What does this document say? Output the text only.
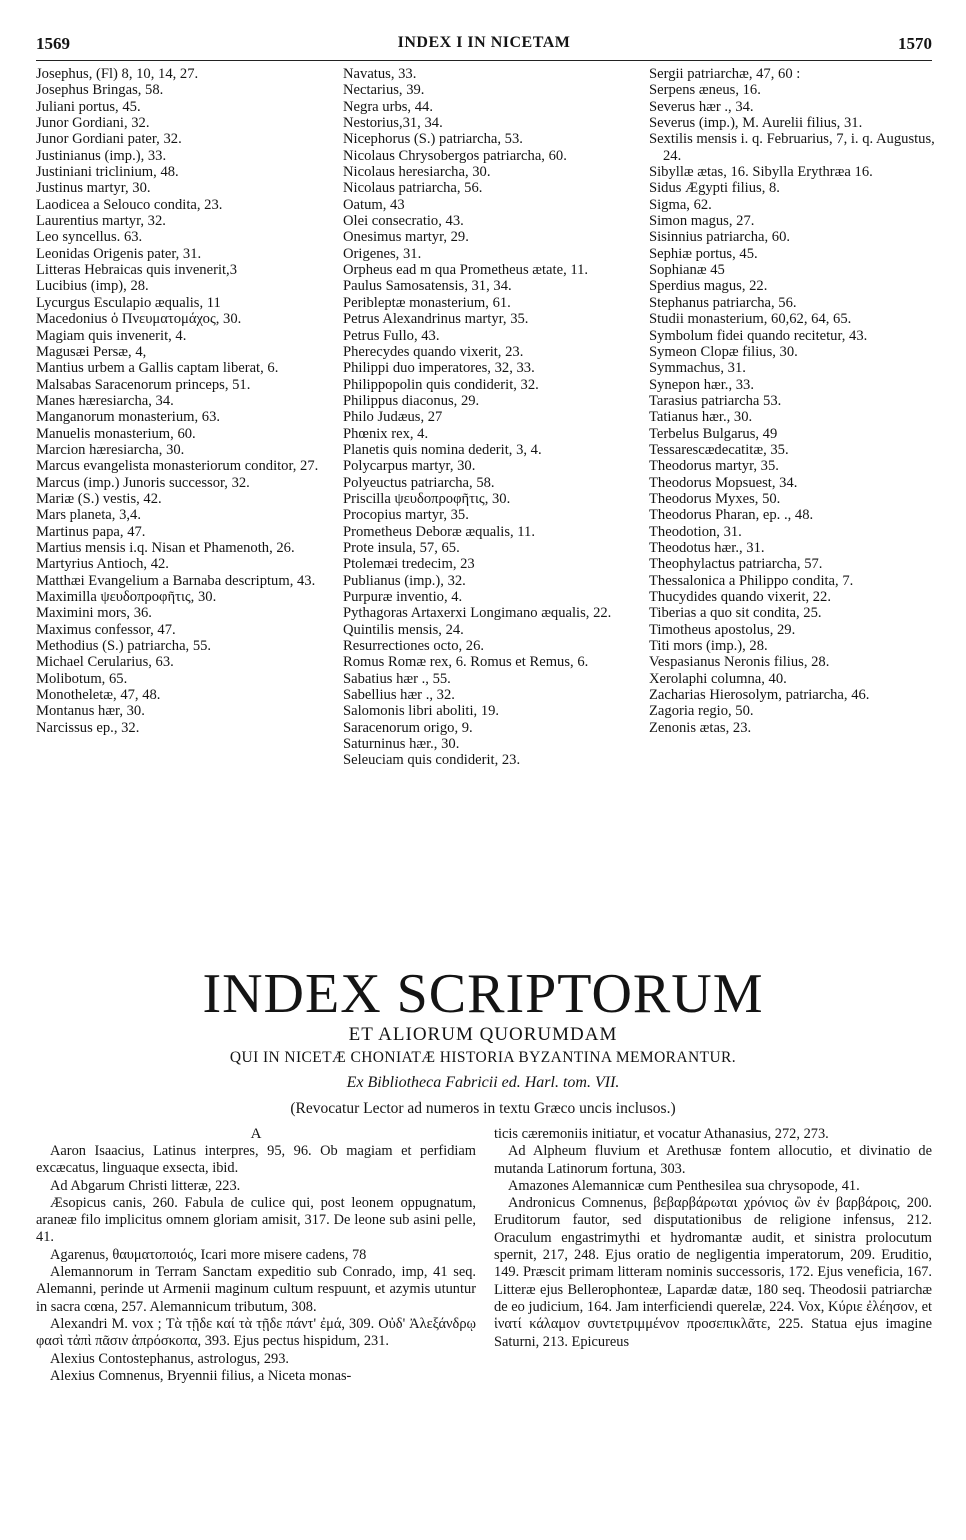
1569	INDEX I IN NICETAM	1570
Josephus, (Fl) 8, 10, 14, 27.
Josephus Bringas, 58.
Juliani portus, 45.
Junor Gordiani, 32.
Junor Gordiani pater, 32.
Justinianus (imp.), 33.
Justiniani triclinium, 48.
Justinus martyr, 30.
Laodicea a Selouco condita, 23.
Laurentius martyr, 32.
Leo syncellus. 63.
Leonidas Origenis pater, 31.
Litteras Hebraicas quis invenerit,3
Lucibius (imp), 28.
Lycurgus Esculapio æqualis, 11
Macedonius ὁ Πνευματομάχος, 30.
Magiam quis invenerit, 4.
Magusæi Persæ, 4,
Mantius urbem a Gallis captam liberat, 6.
Malsabas Saracenorum princeps, 51.
Manes hæresiarcha, 34.
Manganorum monasterium, 63.
Manuelis monasterium, 60.
Marcion hæresiarcha, 30.
Marcus evangelista monasteriorum conditor, 27.
Marcus (imp.) Junoris successor, 32.
Mariæ (S.) vestis, 42.
Mars planeta, 3,4.
Martinus papa, 47.
Martius mensis i.q. Nisan et Phamenoth, 26.
Martyrius Antioch, 42.
Matthæi Evangelium a Barnaba descriptum, 43.
Maximilla ψευδοπροφῆτις, 30.
Maximini mors, 36.
Maximus confessor, 47.
Methodius (S.) patriarcha, 55.
Michael Cerularius, 63.
Molibotum, 65.
Monotheletæ, 47, 48.
Montanus hær, 30.
Narcissus ep., 32.
Navatus, 33.
Nectarius, 39.
Negra urbs, 44.
Nestorius,31, 34.
Nicephorus (S.) patriarcha, 53.
Nicolaus Chrysobergos patriarcha, 60.
Nicolaus heresiarcha, 30.
Nicolaus patriarcha, 56.
Oatum, 43
Olei consecratio, 43.
Onesimus martyr, 29.
Origenes, 31.
Orpheus ead m qua Prometheus ætate, 11.
Paulus Samosatensis, 31, 34.
Peribleptæ monasterium, 61.
Petrus Alexandrinus martyr, 35.
Petrus Fullo, 43.
Pherecydes quando vixerit, 23.
Philippi duo imperatores, 32, 33.
Philippopolin quis condiderit, 32.
Philippus diaconus, 29.
Philo Judæus, 27
Phœnix rex, 4.
Planetis quis nomina dederit, 3, 4.
Polycarpus martyr, 30.
Polyeuctus patriarcha, 58.
Priscilla ψευδοπροφῆτις, 30.
Procopius martyr, 35.
Prometheus Deboræ æqualis, 11.
Prote insula, 57, 65.
Ptolemæi tredecim, 23
Publianus (imp.), 32.
Purpuræ inventio, 4.
Pythagoras Artaxerxi Longimano æqualis, 22.
Quintilis mensis, 24.
Resurrectiones octo, 26.
Romus Romæ rex, 6. Romus et Remus, 6.
Sabatius hær ., 55.
Sabellius hær ., 32.
Salomonis libri aboliti, 19.
Saracenorum origo, 9.
Saturninus hær., 30.
Seleuciam quis condiderit, 23.
Sergii patriarchæ, 47, 60 :
Serpens æneus, 16.
Severus hær ., 34.
Severus (imp.), M. Aurelii filius, 31.
Sextilis mensis i. q. Februarius, 7, i. q. Augustus, 24.
Sibyllæ ætas, 16. Sibylla Erythræa 16.
Sidus Ægypti filius, 8.
Sigma, 62.
Simon magus, 27.
Sisinnius patriarcha, 60.
Sephiæ portus, 45.
Sophianæ 45
Sperdius magus, 22.
Stephanus patriarcha, 56.
Studii monasterium, 60,62, 64, 65.
Symbolum fidei quando recitetur, 43.
Symeon Clopæ filius, 30.
Symmachus, 31.
Synepon hær., 33.
Tarasius patriarcha 53.
Tatianus hær., 30.
Terbelus Bulgarus, 49
Tessarescædecatitæ, 35.
Theodorus martyr, 35.
Theodorus Mopsuest, 34.
Theodorus Myxes, 50.
Theodorus Pharan, ep. ., 48.
Theodotion, 31.
Theodotus hær., 31.
Theophylactus patriarcha, 57.
Thessalonica a Philippo condita, 7.
Thucydides quando vixerit, 22.
Tiberias a quo sit condita, 25.
Timotheus apostolus, 29.
Titi mors (imp.), 28.
Vespasianus Neronis filius, 28.
Xerolaphi columna, 40.
Zacharias Hierosolym, patriarcha, 46.
Zagoria regio, 50.
Zenonis ætas, 23.
INDEX SCRIPTORUM
ET ALIORUM QUORUMDAM
QUI IN NICETÆ CHONIATÆ HISTORIA BYZANTINA MEMORANTUR.
Ex Bibliotheca Fabricii ed. Harl. tom. VII.
(Revocatur Lector ad numeros in textu Græco uncis inclusos.)
A

Aaron Isaacius, Latinus interpres, 95, 96. Ob magiam et perfidiam excæcatus, linguaque exsecta, ibid.

Ad Abgarum Christi litteræ, 223.

Æsopicus canis, 260. Fabula de culice qui, post leonem oppugnatum, araneæ filo implicitus omnem gloriam amisit, 317. De leone sub asini pelle, 41.

Agarenus, θαυματοποιός, Icari more misere cadens, 78

Alemannorum in Terram Sanctam expeditio sub Conrado, imp, 41 seq. Alemanni, perinde ut Armenii maginum cultum respuunt, et azymis utuntur in sacra cœna, 257. Alemannicum tributum, 308.

Alexandri M. vox ; Τὰ τῇδε καί τὰ τῇδε πάντ' ἐμά, 309. Οὐδ' Ἀλεξάνδρῳ φασὶ τἀπὶ πᾶσιν ἀπρόσκοπα, 393. Ejus pectus hispidum, 231.

Alexius Contostephanus, astrologus, 293.

Alexius Comnenus, Bryennii filius, a Niceta monas-

ticis cæremoniis initiatur, et vocatur Athanasius, 272, 273.

Ad Alpheum fluvium et Arethusæ fontem allocutio, et divinatio de mutanda Latinorum fortuna, 303.

Amazones Alemannicæ cum Penthesilea sua chrysopode, 41.

Andronicus Comnenus, βεβαρβάρωται χρόνιος ὢν ἐν βαρβάροις, 200. Eruditorum fautor, sed disputationibus de religione infensus, 212. Oraculum engastrimythi et hydromantæ audit, et sinistra prolocutum spernit, 217, 248. Ejus oratio de negligentia imperatorum, 209. Eruditio, 149. Præscit primam litteram nominis successoris, 172. Ejus veneficia, 167. Litteræ ejus Bellerophonteæ, Lapardæ datæ, 180 seq. Theodosii patriarchæ de eo judicium, 164. Jam interficiendi querelæ, 224. Vox, Κύριε ἐλέησον, et ἱνατί κάλαμον συντετριμμένον προσεπικλᾶτε, 225. Statua ejus imagine Saturni, 213. Epicureus
